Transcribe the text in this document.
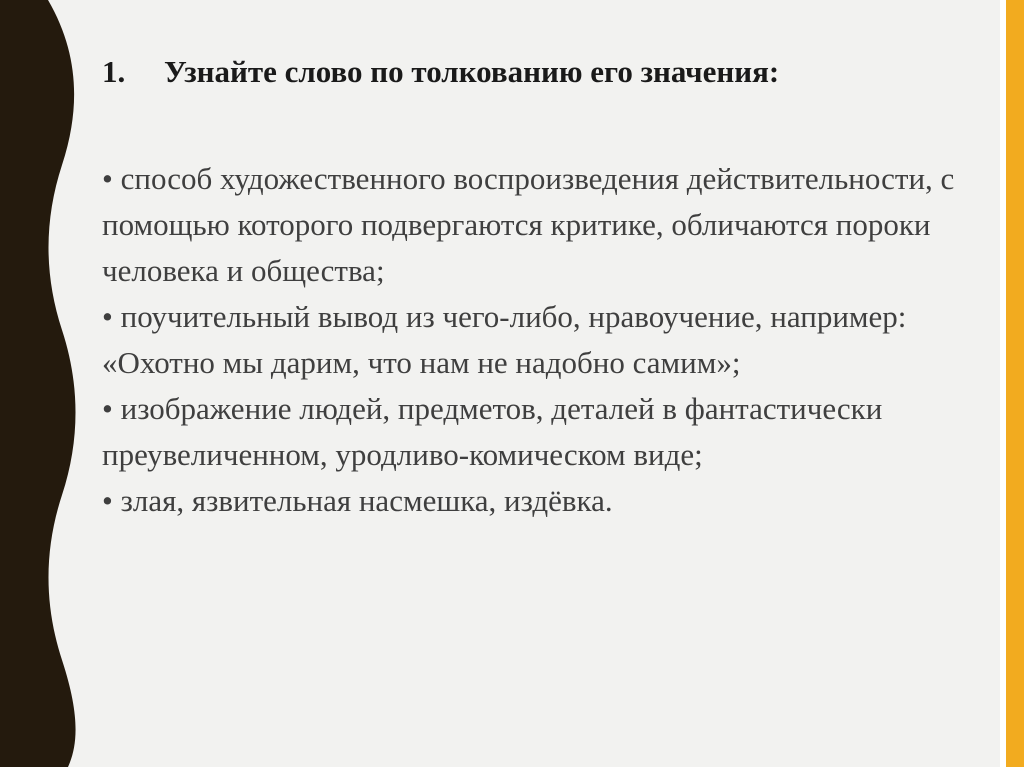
1.	Узнайте слово по толкованию его значения:
• способ художественного воспроизведения действительности, с помощью которого подвергаются критике, обличаются пороки человека и общества;
• поучительный вывод из чего-либо, нравоучение, например: «Охотно мы дарим, что нам не надобно самим»;
• изображение людей, предметов, деталей в фантастически преувеличенном, уродливо-комическом виде;
• злая, язвительная насмешка, издёвка.
